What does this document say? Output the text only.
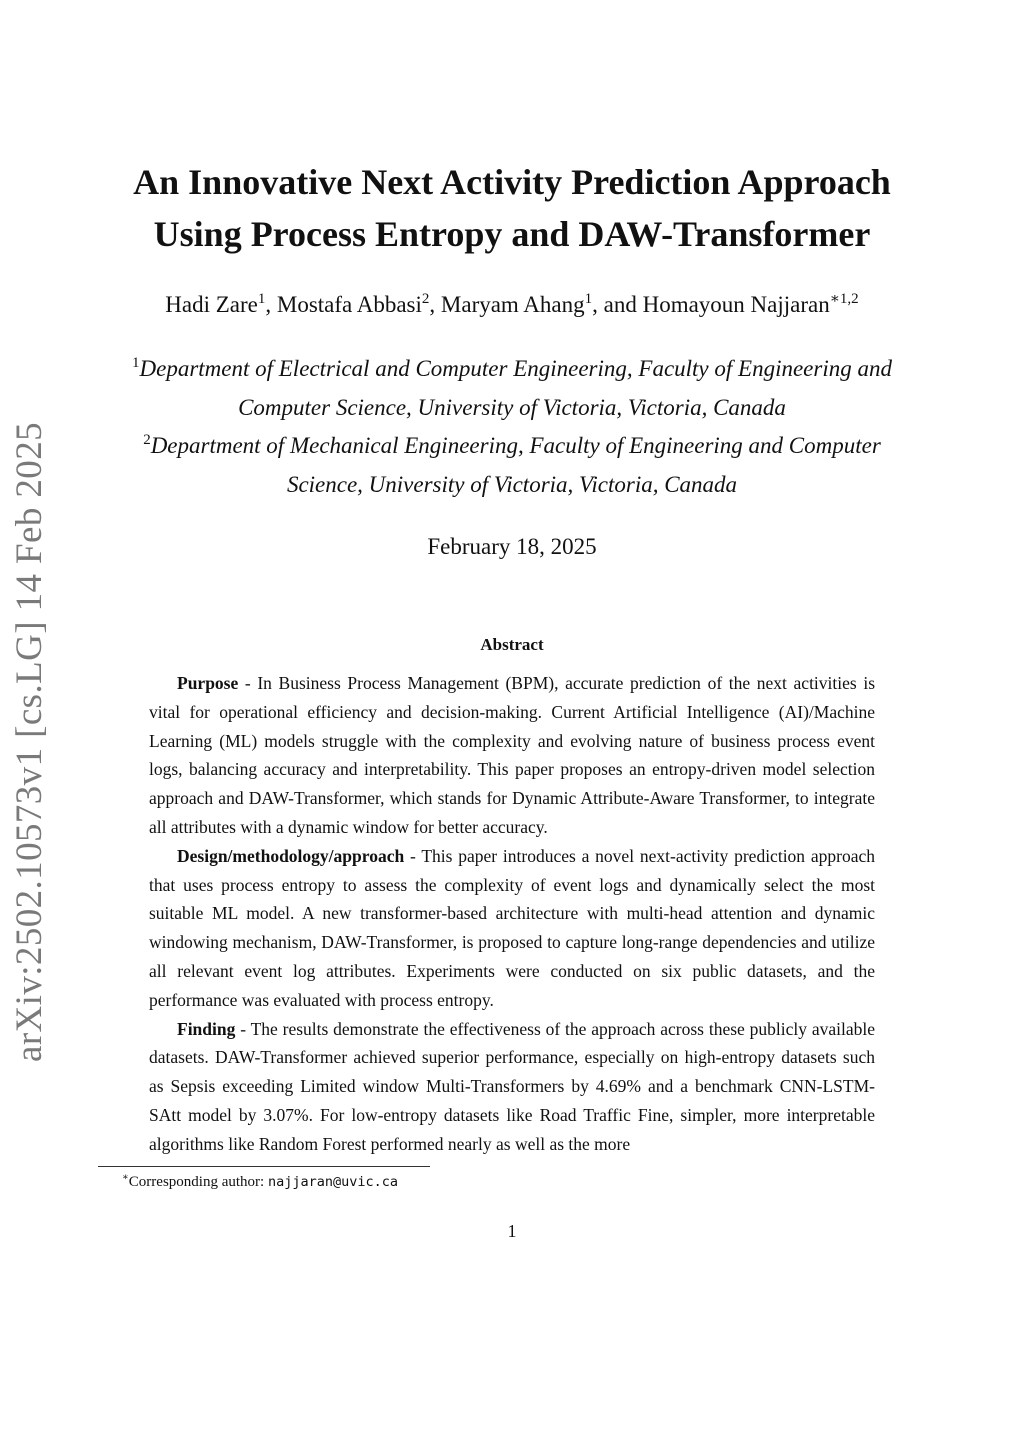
arXiv:2502.10573v1 [cs.LG] 14 Feb 2025
An Innovative Next Activity Prediction Approach
Using Process Entropy and DAW-Transformer
Hadi Zare$^1$, Mostafa Abbasi$^2$, Maryam Ahang$^1$, and Homayoun Najjaran$^{∗1,2}$
$^1$Department of Electrical and Computer Engineering, Faculty of Engineering and
Computer Science, University of Victoria, Victoria, Canada
$^2$Department of Mechanical Engineering, Faculty of Engineering and Computer
Science, University of Victoria, Victoria, Canada
February 18, 2025
Abstract

Purpose - In Business Process Management (BPM), accurate prediction of the next activities is vital for operational efficiency and decision-making. Current Artificial Intelligence (AI)/Machine Learning (ML) models struggle with the complexity and evolving nature of business process event logs, balancing accuracy and interpretability. This paper proposes an entropy-driven model selection approach and DAW-Transformer, which stands for Dynamic Attribute-Aware Transformer, to integrate all attributes with a dynamic window for better accuracy.

Design/methodology/approach - This paper introduces a novel next-activity prediction approach that uses process entropy to assess the complexity of event logs and dynamically select the most suitable ML model. A new transformer-based architecture with multi-head attention and dynamic windowing mechanism, DAW-Transformer, is proposed to capture long-range dependencies and utilize all relevant event log attributes. Experiments were conducted on six public datasets, and the performance was evaluated with process entropy.

Finding - The results demonstrate the effectiveness of the approach across these publicly available datasets. DAW-Transformer achieved superior performance, especially on high-entropy datasets such as Sepsis exceeding Limited window Multi-Transformers by 4.69% and a benchmark CNN-LSTM-SAtt model by 3.07%. For low-entropy datasets like Road Traffic Fine, simpler, more interpretable algorithms like Random Forest performed nearly as well as the more

∗Corresponding author: najjaran@uvic.ca
1
